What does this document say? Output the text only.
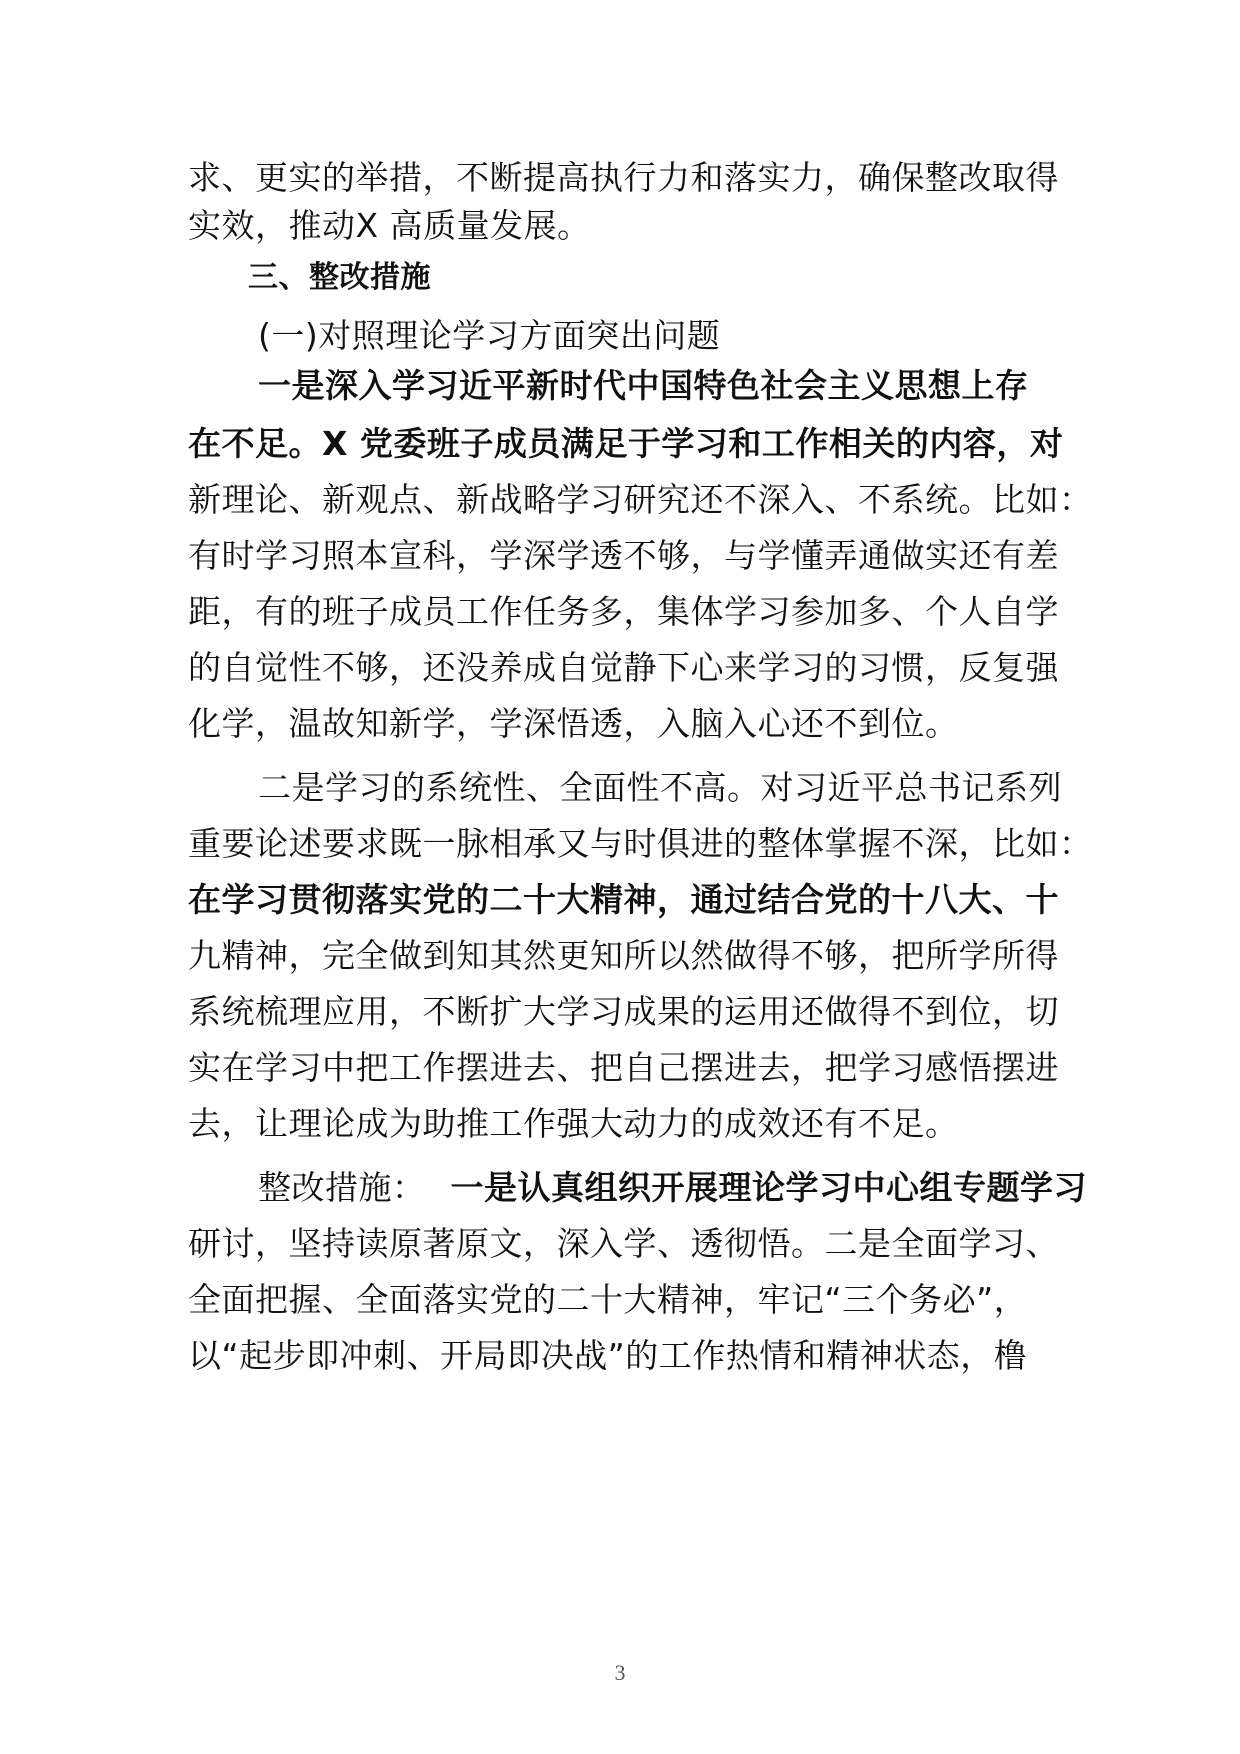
求、更实的举措，不断提高执行力和落实力，确保整改取得
实效，推动X 高质量发展。
三、整改措施
(一)对照理论学习方面突出问题
一是深入学习近平新时代中国特色社会主义思想上存
在不足。X 党委班子成员满足于学习和工作相关的内容，对
新理论、新观点、新战略学习研究还不深入、不系统。比如：
有时学习照本宣科，学深学透不够，与学懂弄通做实还有差
距，有的班子成员工作任务多，集体学习参加多、个人自学
的自觉性不够，还没养成自觉静下心来学习的习惯，反复强
化学，温故知新学，学深悟透，入脑入心还不到位。
二是学习的系统性、全面性不高。对习近平总书记系列
重要论述要求既一脉相承又与时俱进的整体掌握不深，比如：
在学习贯彻落实党的二十大精神，通过结合党的十八大、十
九精神，完全做到知其然更知所以然做得不够，把所学所得
系统梳理应用，不断扩大学习成果的运用还做得不到位，切
实在学习中把工作摆进去、把自己摆进去，把学习感悟摆进
去，让理论成为助推工作强大动力的成效还有不足。
整改措施： 一是认真组织开展理论学习中心组专题学习
研讨，坚持读原著原文，深入学、透彻悟。二是全面学习、
全面把握、全面落实党的二十大精神，牢记“三个务必”，
以“起步即冲刺、开局即决战”的工作热情和精神状态，橹
3
